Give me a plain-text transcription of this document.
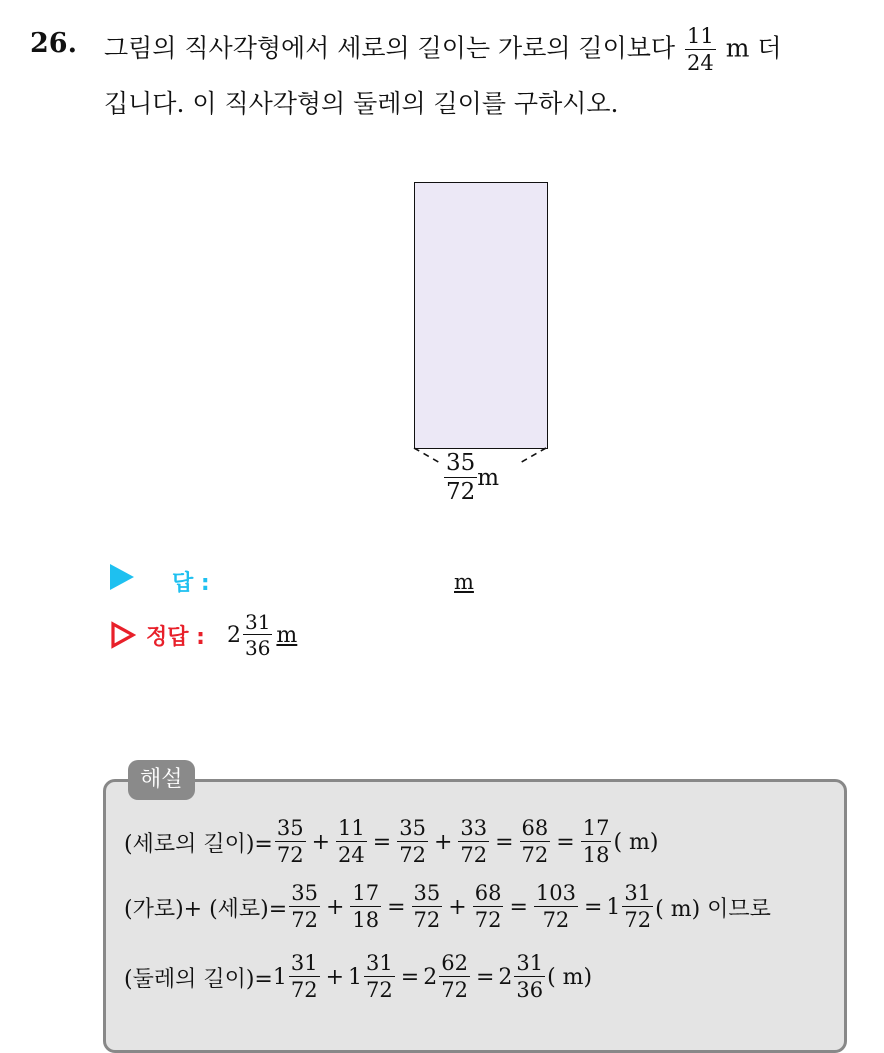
26. 그림의 직사각형에서 세로의 길이는 가로의 길이보다 $\frac{11}{24}$ m 더
깁니다. 이 직사각형의 둘레의 길이를 구하시오.
$\frac{35}{72}$ m
답 :	m
정답 : $2 \frac{31}{36}$ m
해설
(세로의 길이)= $\frac{35}{72} + \frac{11}{24} = \frac{35}{72} + \frac{33}{72} = \frac{68}{72} = \frac{17}{18}$ ( m)
(가로)+ (세로)= $\frac{35}{72} + \frac{17}{18} = \frac{35}{72} + \frac{68}{72} = \frac{103}{72} = 1 \frac{31}{72}$ ( m) 이므로
(둘레의 길이)= $1 \frac{31}{72} + 1 \frac{31}{72} = 2 \frac{62}{72} = 2 \frac{31}{36}$ ( m)
